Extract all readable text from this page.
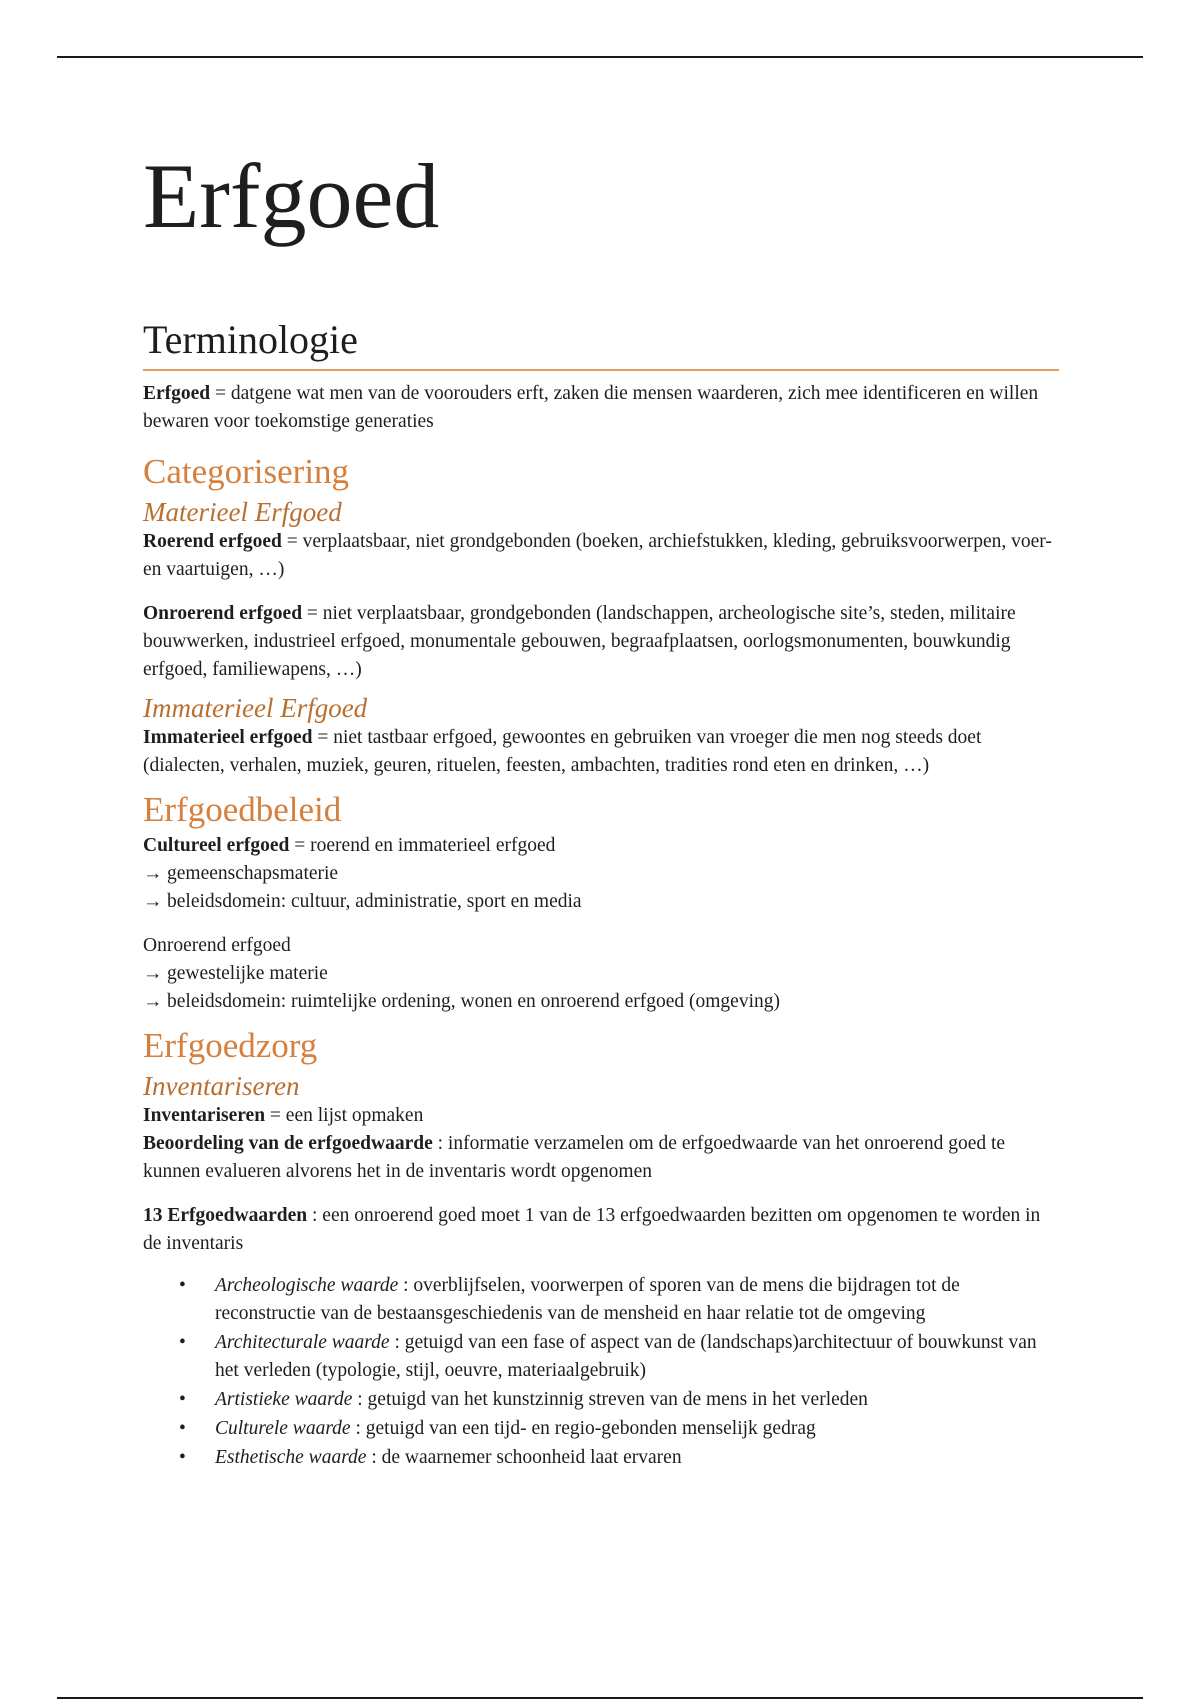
Erfgoed
Terminologie

Erfgoed = datgene wat men van de voorouders erft, zaken die mensen waarderen, zich mee identificeren en willen bewaren voor toekomstige generaties

Categorisering
Materieel Erfgoed

Roerend erfgoed = verplaatsbaar, niet grondgebonden (boeken, archiefstukken, kleding, gebruiksvoorwerpen, voer- en vaartuigen, …)

Onroerend erfgoed = niet verplaatsbaar, grondgebonden (landschappen, archeologische site’s, steden, militaire bouwwerken, industrieel erfgoed, monumentale gebouwen, begraafplaatsen, oorlogsmonumenten, bouwkundig erfgoed, familiewapens, …)

Immaterieel Erfgoed

Immaterieel erfgoed = niet tastbaar erfgoed, gewoontes en gebruiken van vroeger die men nog steeds doet (dialecten, verhalen, muziek, geuren, rituelen, feesten, ambachten, tradities rond eten en drinken, …)

Erfgoedbeleid

Cultureel erfgoed = roerend en immaterieel erfgoed

→ gemeenschapsmaterie

→ beleidsdomein: cultuur, administratie, sport en media

Onroerend erfgoed

→ gewestelijke materie

→ beleidsdomein: ruimtelijke ordening, wonen en onroerend erfgoed (omgeving)

Erfgoedzorg
Inventariseren

Inventariseren = een lijst opmaken

Beoordeling van de erfgoedwaarde : informatie verzamelen om de erfgoedwaarde van het onroerend goed te kunnen evalueren alvorens het in de inventaris wordt opgenomen

13 Erfgoedwaarden : een onroerend goed moet 1 van de 13 erfgoedwaarden bezitten om opgenomen te worden in de inventaris

• Archeologische waarde : overblijfselen, voorwerpen of sporen van de mens die bijdragen tot de reconstructie van de bestaansgeschiedenis van de mensheid en haar relatie tot de omgeving
• Architecturale waarde : getuigd van een fase of aspect van de (landschaps)architectuur of bouwkunst van het verleden (typologie, stijl, oeuvre, materiaalgebruik)
• Artistieke waarde : getuigd van het kunstzinnig streven van de mens in het verleden
• Culturele waarde : getuigd van een tijd- en regio-gebonden menselijk gedrag
• Esthetische waarde : de waarnemer schoonheid laat ervaren
